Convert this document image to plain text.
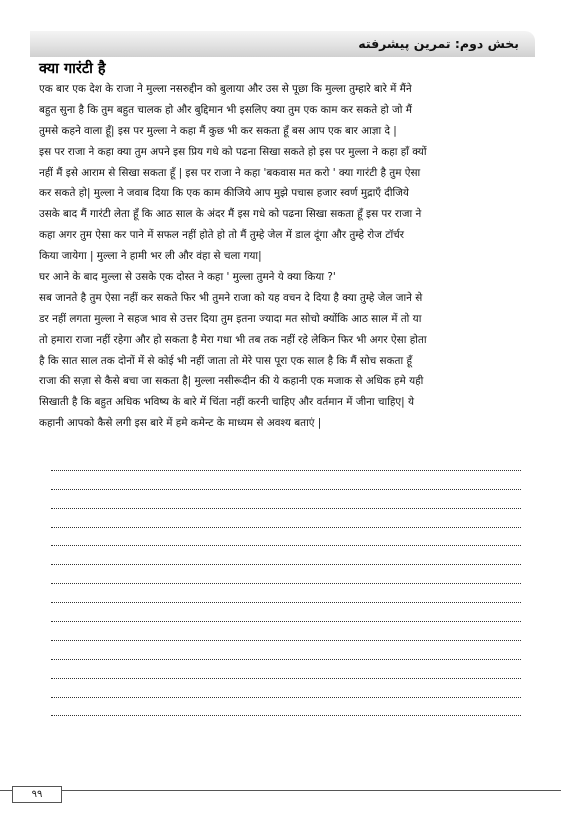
بخش دوم: تمرین پیشرفته
क्या गारंटी है
एक बार एक देश के राजा ने मुल्ला नसरुद्दीन को बुलाया और उस से पूछा कि मुल्ला तुम्हारे बारे में मैंने
बहुत सुना है कि तुम बहुत चालक हो और बुद्दिमान भी इसलिए क्या तुम एक काम कर सकते हो जो मैं
तुमसे कहने वाला हूँ| इस पर मुल्ला ने कहा मैं कुछ भी कर सकता हूँ बस आप एक बार आज्ञा दे |
इस पर राजा ने कहा क्या तुम अपने इस प्रिय गधे को पढना सिखा सकते हो इस पर मुल्ला ने कहा हाँ क्यों
नहीं मैं इसे आराम से सिखा सकता हूँ | इस पर राजा ने कहा 'बकवास मत करो ' क्या गारंटी है तुम ऐसा
कर सकते हो| मुल्ला ने जवाब दिया कि एक काम कीजिये आप मुझे पचास हजार स्वर्ण मुद्राएँ दीजिये
उसके बाद मैं गारंटी लेता हूँ कि आठ साल के अंदर मैं इस गधे को पढना सिखा सकता हूँ इस पर राजा ने
कहा अगर तुम ऐसा कर पाने में सफल नहीं होते हो तो मैं तुम्हे जेल में डाल दूंगा और तुम्हे रोज टॉर्चर
किया जायेगा | मुल्ला ने हामी भर ली और वंहा से चला गया|
घर आने के बाद मुल्ला से उसके एक दोस्त ने कहा ' मुल्ला तुमने ये क्या किया ?'
सब जानते है तुम ऐसा नहीं कर सकते फिर भी तुमने राजा को यह वचन दे दिया है क्या तुम्हे जेल जाने से
डर नहीं लगता मुल्ला ने सहज भाव से उत्तर दिया तुम इतना ज्यादा मत सोचो क्योंकि आठ साल में तो या
तो हमारा राजा नहीं रहेगा और हो सकता है मेरा गधा भी तब तक नहीं रहे लेकिन फिर भी अगर ऐसा होता
है कि सात साल तक दोनों में से कोई भी नहीं जाता तो मेरे पास पूरा एक साल है कि मैं सोच सकता हूँ
राजा की सज़ा से कैसे बचा जा सकता है| मुल्ला नसीरूदीन की ये कहानी एक मजाक से अधिक हमे यही
सिखाती है कि बहुत अधिक भविष्य के बारे में चिंता नहीं करनी चाहिए और वर्तमान में जीना चाहिए| ये
कहानी आपको कैसे लगी इस बारे में हमे कमेन्ट के माध्यम से अवश्य बताएं |
۹۹
